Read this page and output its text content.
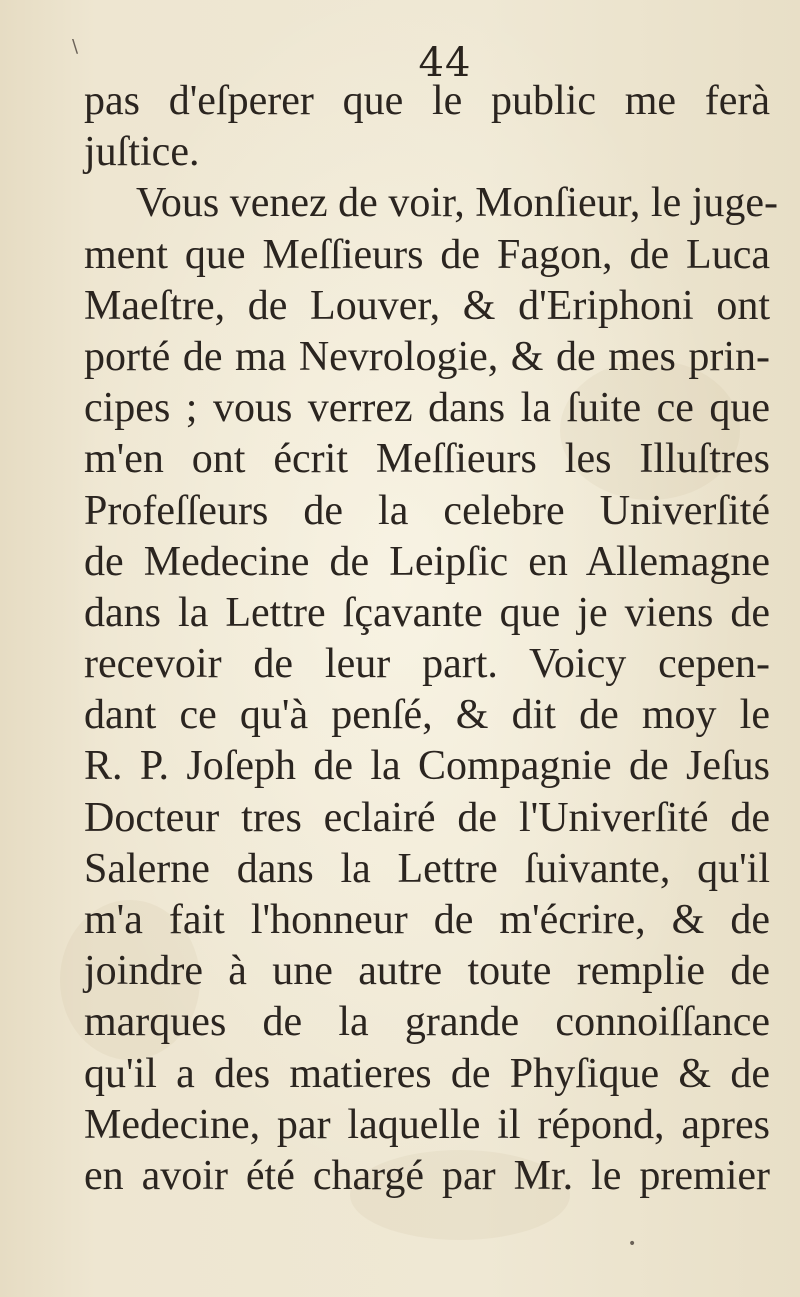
\
•
44
pas d'eſperer que le public me ferà
juſtice.
Vous venez de voir, Monſieur, le juge-
ment que Meſſieurs de Fagon, de Luca
Maeſtre, de Louver, & d'Eriphoni ont
porté de ma Nevrologie, & de mes prin-
cipes ; vous verrez dans la ſuite ce que
m'en ont écrit Meſſieurs les Illuſtres
Profeſſeurs de la celebre Univerſité
de Medecine de Leipſic en Allemagne
dans la Lettre ſçavante que je viens de
recevoir de leur part. Voicy cepen-
dant ce qu'à penſé, & dit de moy le
R. P. Joſeph de la Compagnie de Jeſus
Docteur tres eclairé de l'Univerſité de
Salerne dans la Lettre ſuivante, qu'il
m'a fait l'honneur de m'écrire, & de
joindre à une autre toute remplie de
marques de la grande connoiſſance
qu'il a des matieres de Phyſique & de
Medecine, par laquelle il répond, apres
en avoir été chargé par Mr. le premier
